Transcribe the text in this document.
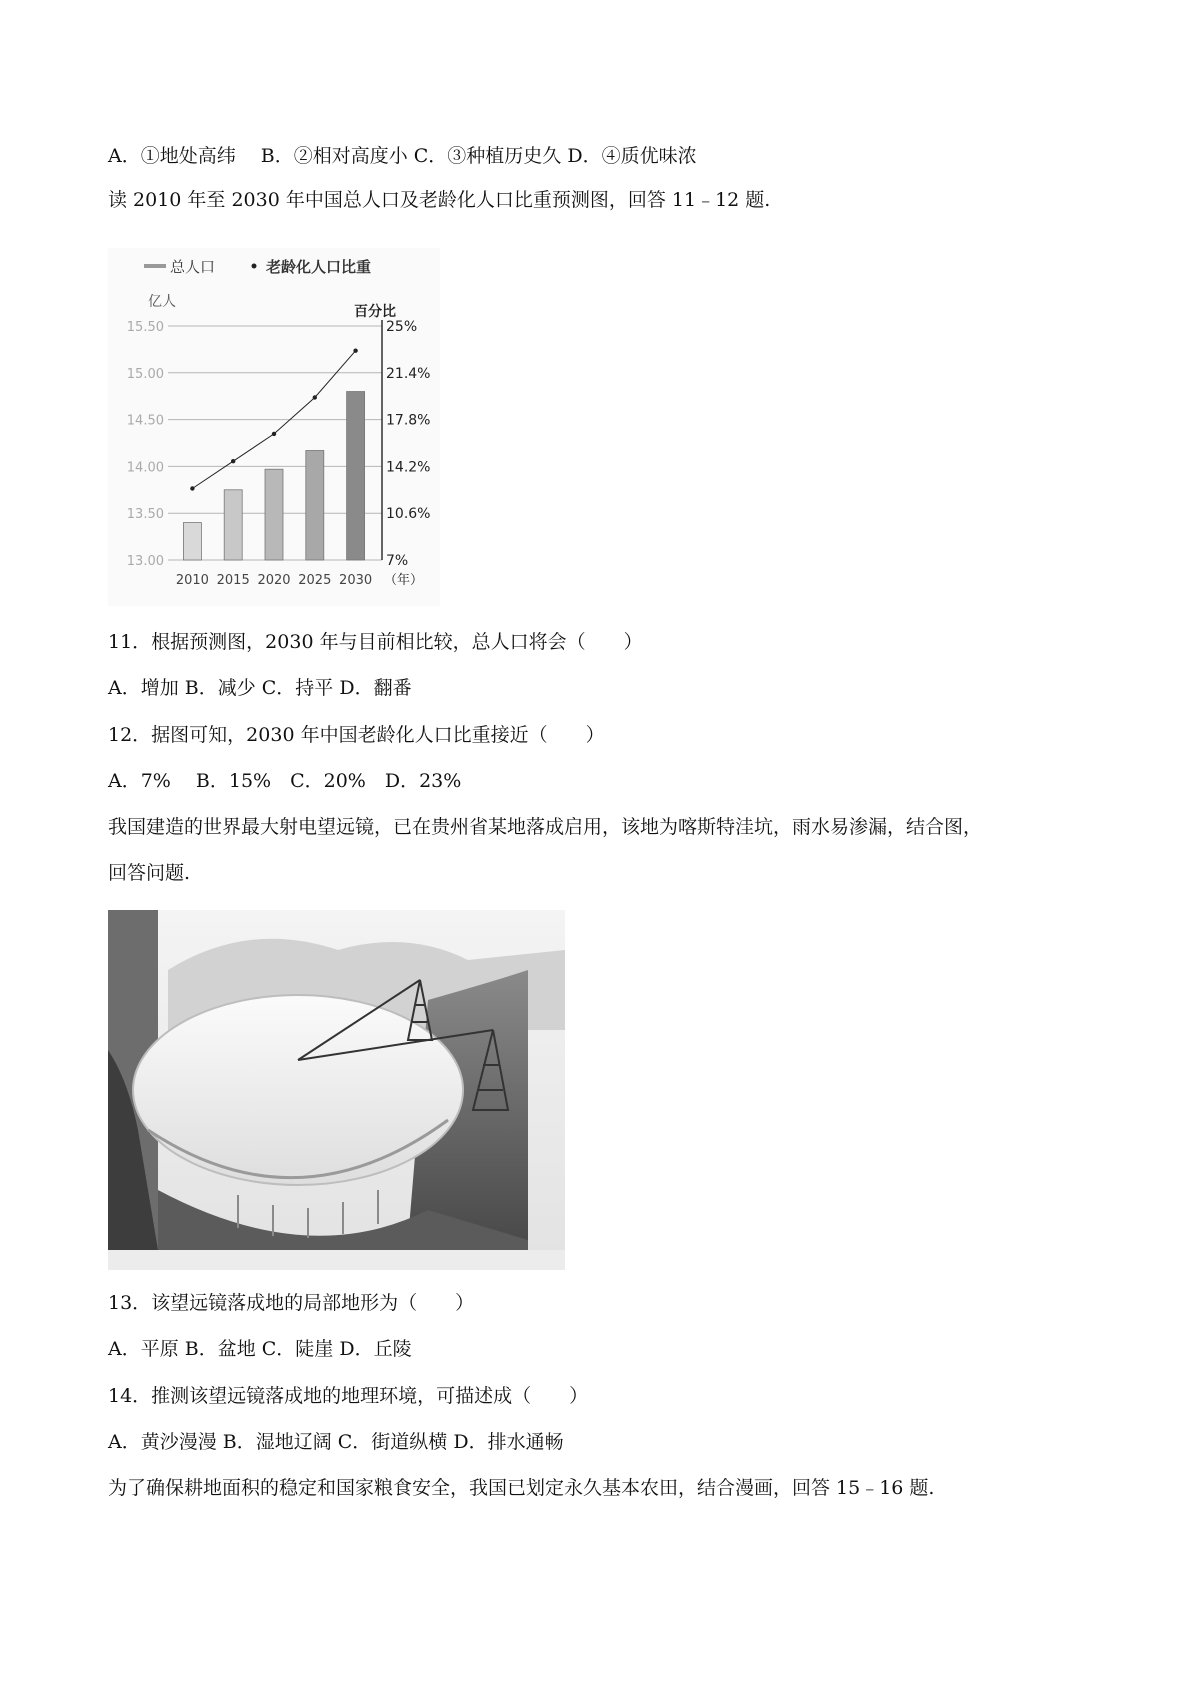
A．①地处高纬　 B．②相对高度小 C．③种植历史久 D．④质优味浓
读 2010 年至 2030 年中国总人口及老龄化人口比重预测图，回答 11﹣12 题.
总人口	老龄化人口比重
亿人
百分比
15.50	25%
15.00	21.4%
14.50	17.8%
14.00	14.2%
13.50	10.6%
13.00	7%
2010 2015 2020 2025 2030 （年）
11．根据预测图，2030 年与目前相比较，总人口将会（　　）
A．增加 B．减少 C．持平 D．翻番
12．据图可知，2030 年中国老龄化人口比重接近（　　）
A．7%　 B．15%　C．20%　D．23%
我国建造的世界最大射电望远镜，已在贵州省某地落成启用，该地为喀斯特洼坑，雨水易渗漏，结合图，
回答问题.
13．该望远镜落成地的局部地形为（　　）
A．平原 B．盆地 C．陡崖 D．丘陵
14．推测该望远镜落成地的地理环境，可描述成（　　）
A．黄沙漫漫 B．湿地辽阔 C．街道纵横 D．排水通畅
为了确保耕地面积的稳定和国家粮食安全，我国已划定永久基本农田，结合漫画，回答 15﹣16 题.
